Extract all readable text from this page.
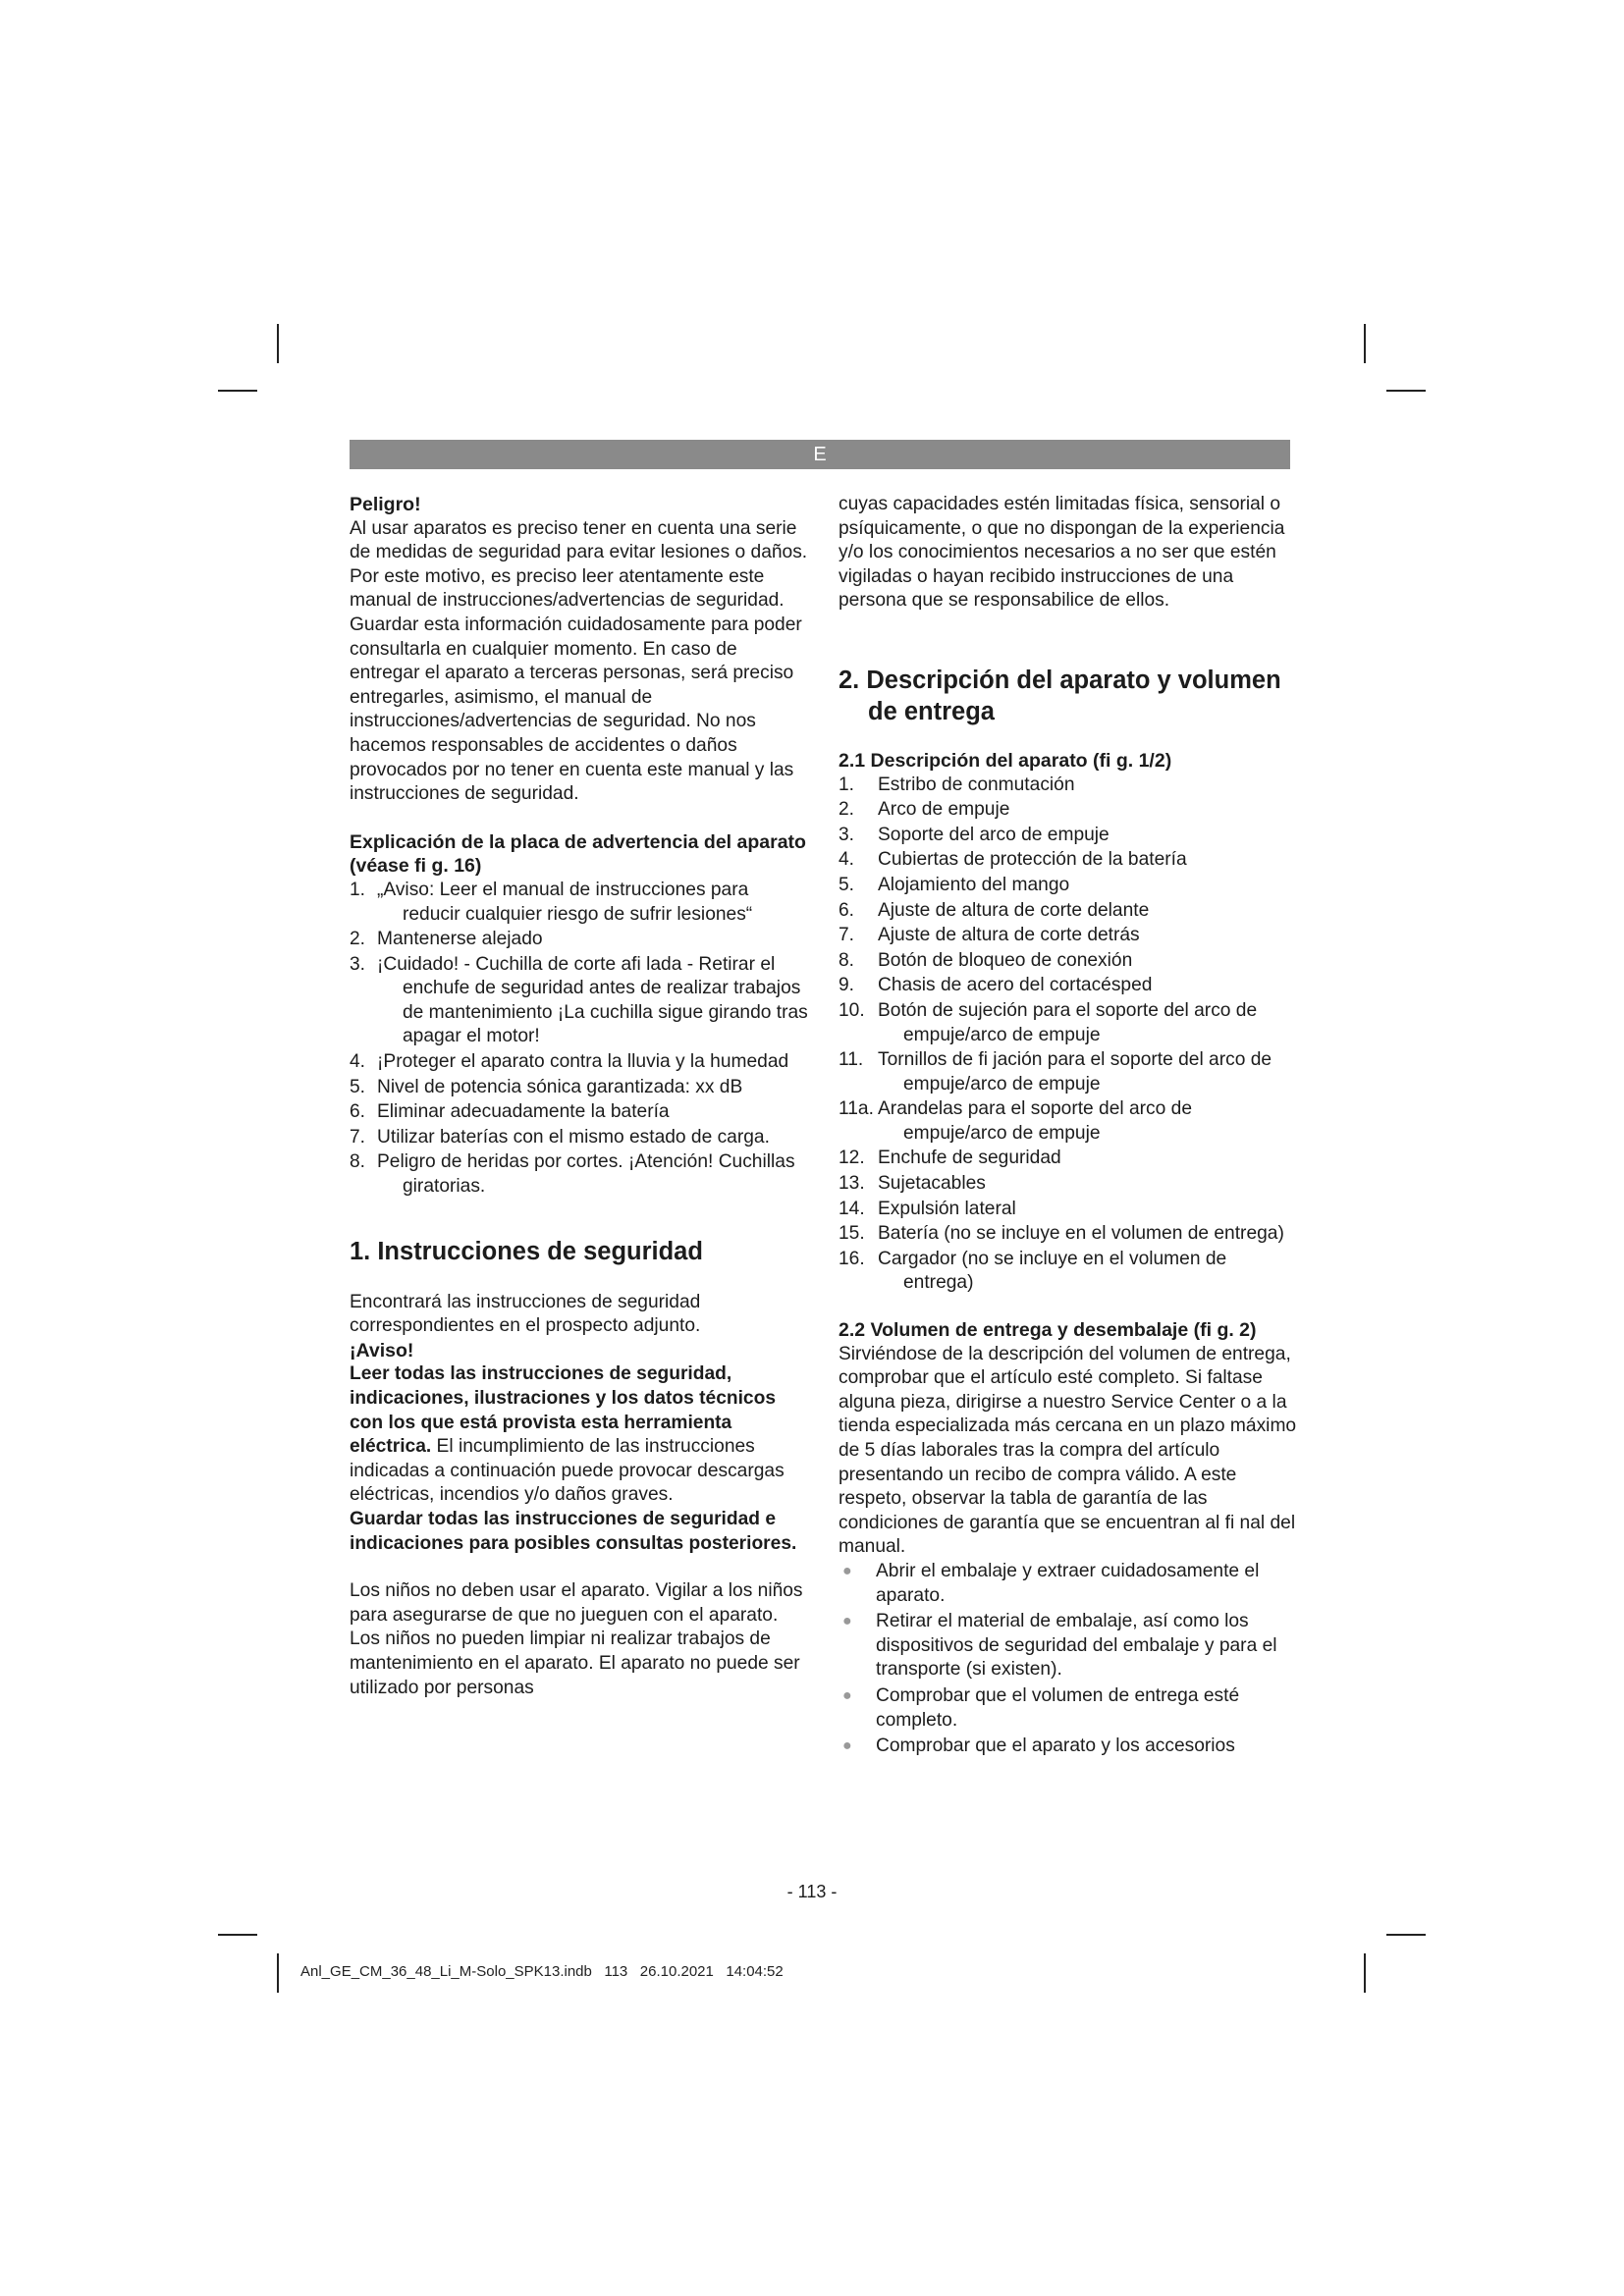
E

Peligro!

Al usar aparatos es preciso tener en cuenta una serie de medidas de seguridad para evitar lesiones o daños. Por este motivo, es preciso leer atentamente este manual de instrucciones/advertencias de seguridad. Guardar esta información cuidadosamente para poder consultarla en cualquier momento. En caso de entregar el aparato a terceras personas, será preciso entregarles, asimismo, el manual de instrucciones/advertencias de seguridad. No nos hacemos responsables de accidentes o daños provocados por no tener en cuenta este manual y las instrucciones de seguridad.

Explicación de la placa de advertencia del aparato (véase fi g. 16)

1. „Aviso: Leer el manual de instrucciones para reducir cualquier riesgo de sufrir lesiones“
2. Mantenerse alejado
3. ¡Cuidado! - Cuchilla de corte afi lada - Retirar el enchufe de seguridad antes de realizar trabajos de mantenimiento ¡La cuchilla sigue girando tras apagar el motor!
4. ¡Proteger el aparato contra la lluvia y la humedad
5. Nivel de potencia sónica garantizada: xx dB
6. Eliminar adecuadamente la batería
7. Utilizar baterías con el mismo estado de carga.
8. Peligro de heridas por cortes. ¡Atención! Cuchillas giratorias.

1. Instrucciones de seguridad

Encontrará las instrucciones de seguridad correspondientes en el prospecto adjunto.

¡Aviso!

Leer todas las instrucciones de seguridad, indicaciones, ilustraciones y los datos técnicos con los que está provista esta herramienta eléctrica. El incumplimiento de las instrucciones indicadas a continuación puede provocar descargas eléctricas, incendios y/o daños graves.

Guardar todas las instrucciones de seguridad e indicaciones para posibles consultas posteriores.

Los niños no deben usar el aparato. Vigilar a los niños para asegurarse de que no jueguen con el aparato. Los niños no pueden limpiar ni realizar trabajos de mantenimiento en el aparato. El aparato no puede ser utilizado por personas

cuyas capacidades estén limitadas física, sensorial o psíquicamente, o que no dispongan de la experiencia y/o los conocimientos necesarios a no ser que estén vigiladas o hayan recibido instrucciones de una persona que se responsabilice de ellos.

2. Descripción del aparato y volumen de entrega

2.1 Descripción del aparato (fi g. 1/2)

1. Estribo de conmutación
2. Arco de empuje
3. Soporte del arco de empuje
4. Cubiertas de protección de la batería
5. Alojamiento del mango
6. Ajuste de altura de corte delante
7. Ajuste de altura de corte detrás
8. Botón de bloqueo de conexión
9. Chasis de acero del cortacésped
10. Botón de sujeción para el soporte del arco de empuje/arco de empuje
11. Tornillos de fi jación para el soporte del arco de empuje/arco de empuje
11a. Arandelas para el soporte del arco de empuje/arco de empuje
12. Enchufe de seguridad
13. Sujetacables
14. Expulsión lateral
15. Batería (no se incluye en el volumen de entrega)
16. Cargador (no se incluye en el volumen de entrega)

2.2 Volumen de entrega y desembalaje (fi g. 2)

Sirviéndose de la descripción del volumen de entrega, comprobar que el artículo esté completo. Si faltase alguna pieza, dirigirse a nuestro Service Center o a la tienda especializada más cercana en un plazo máximo de 5 días laborales tras la compra del artículo presentando un recibo de compra válido. A este respeto, observar la tabla de garantía de las condiciones de garantía que se encuentran al fi nal del manual.

● Abrir el embalaje y extraer cuidadosamente el aparato.
● Retirar el material de embalaje, así como los dispositivos de seguridad del embalaje y para el transporte (si existen).
● Comprobar que el volumen de entrega esté completo.
● Comprobar que el aparato y los accesorios
- 113 -
Anl_GE_CM_36_48_Li_M-Solo_SPK13.indb   113   26.10.2021   14:04:52
